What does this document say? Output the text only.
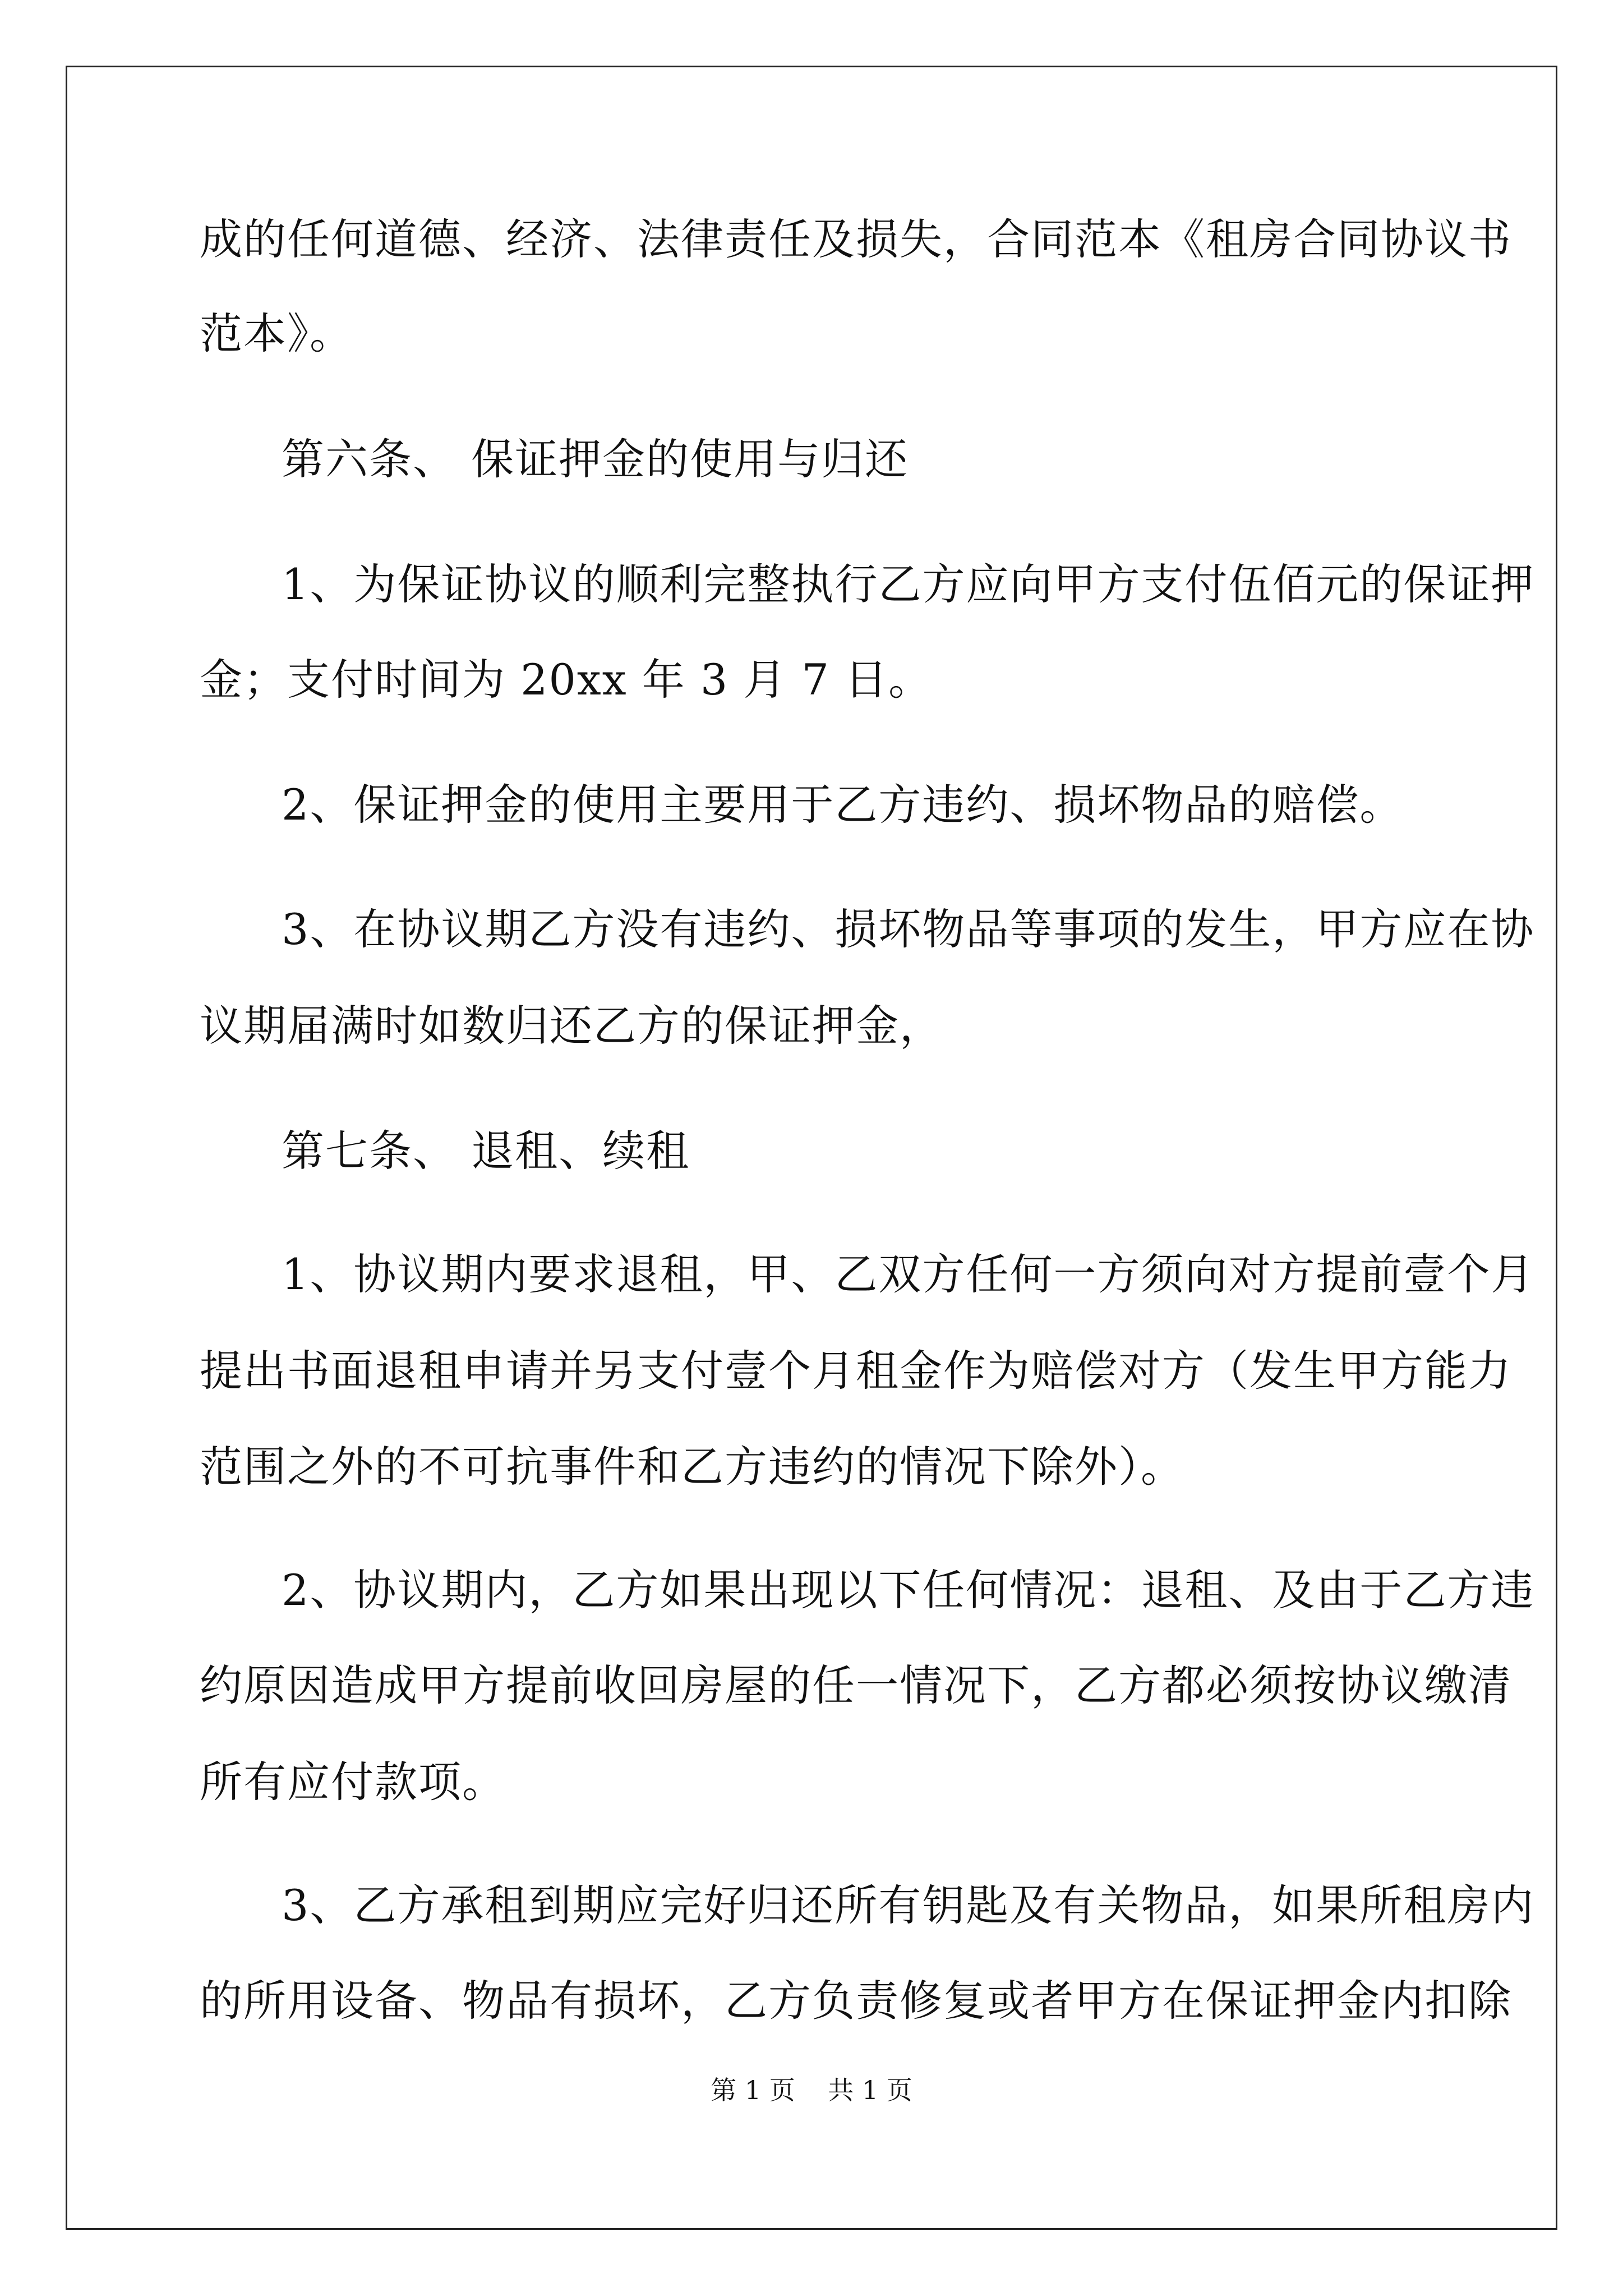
成的任何道德、经济、法律责任及损失，合同范本《租房合同协议书
范本》。
第六条、 保证押金的使用与归还
1、为保证协议的顺利完整执行乙方应向甲方支付伍佰元的保证押
金；支付时间为 20xx 年 3 月 7 日。
2、保证押金的使用主要用于乙方违约、损坏物品的赔偿。
3、在协议期乙方没有违约、损坏物品等事项的发生，甲方应在协
议期届满时如数归还乙方的保证押金，
第七条、 退租、续租
1、协议期内要求退租，甲、乙双方任何一方须向对方提前壹个月
提出书面退租申请并另支付壹个月租金作为赔偿对方（发生甲方能力
范围之外的不可抗事件和乙方违约的情况下除外）。
2、协议期内，乙方如果出现以下任何情况：退租、及由于乙方违
约原因造成甲方提前收回房屋的任一情况下，乙方都必须按协议缴清
所有应付款项。
3、乙方承租到期应完好归还所有钥匙及有关物品，如果所租房内
的所用设备、物品有损坏，乙方负责修复或者甲方在保证押金内扣除
第 1 页    共 1 页
